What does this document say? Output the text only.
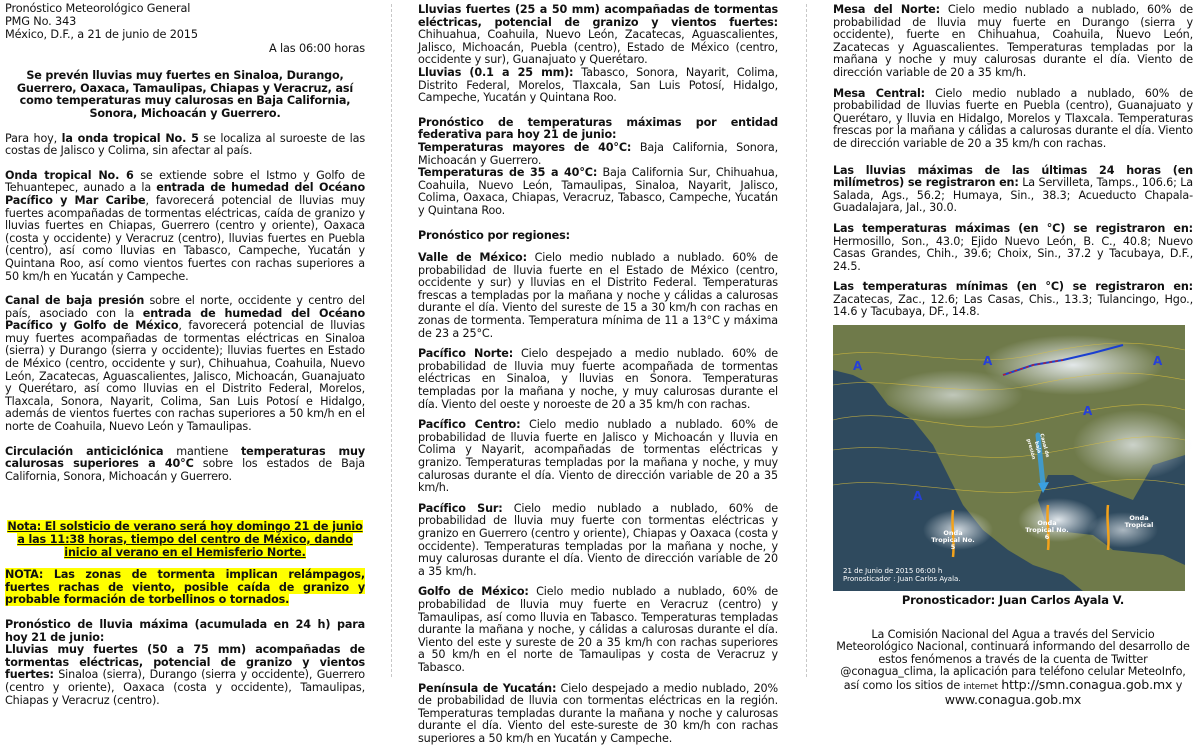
Pronóstico Meteorológico General

PMG No. 343

México, D.F., a 21 de junio de 2015

A las 06:00 horas

Se prevén lluvias muy fuertes en Sinaloa, Durango, Guerrero, Oaxaca, Tamaulipas, Chiapas y Veracruz, así como temperaturas muy calurosas en Baja California, Sonora, Michoacán y Guerrero.

Para hoy, la onda tropical No. 5 se localiza al suroeste de las costas de Jalisco y Colima, sin afectar al país.

Onda tropical No. 6 se extiende sobre el Istmo y Golfo de Tehuantepec, aunado a la entrada de humedad del Océano Pacífico y Mar Caribe, favorecerá potencial de lluvias muy fuertes acompañadas de tormentas eléctricas, caída de granizo y lluvias fuertes en Chiapas, Guerrero (centro y oriente), Oaxaca (costa y occidente) y Veracruz (centro), lluvias fuertes en Puebla (centro), así como lluvias en Tabasco, Campeche, Yucatán y Quintana Roo, así como vientos fuertes con rachas superiores a 50 km/h en Yucatán y Campeche.

Canal de baja presión sobre el norte, occidente y centro del país, asociado con la entrada de humedad del Océano Pacífico y Golfo de México, favorecerá potencial de lluvias muy fuertes acompañadas de tormentas eléctricas en Sinaloa (sierra) y Durango (sierra y occidente); lluvias fuertes en Estado de México (centro, occidente y sur), Chihuahua, Coahuila, Nuevo León, Zacatecas, Aguascalientes, Jalisco, Michoacán, Guanajuato y Querétaro, así como lluvias en el Distrito Federal, Morelos, Tlaxcala, Sonora, Nayarit, Colima, San Luis Potosí e Hidalgo, además de vientos fuertes con rachas superiores a 50 km/h en el norte de Coahuila, Nuevo León y Tamaulipas.

Circulación anticiclónica mantiene temperaturas muy calurosas superiores a 40°C sobre los estados de Baja California, Sonora, Michoacán y Guerrero.

Nota: El solsticio de verano será hoy domingo 21 de junio a las 11:38 horas, tiempo del centro de México, dando inicio al verano en el Hemisferio Norte.

NOTA: Las zonas de tormenta implican relámpagos, fuertes rachas de viento, posible caída de granizo y probable formación de torbellinos o tornados.

Pronóstico de lluvia máxima (acumulada en 24 h) para hoy 21 de junio:

Lluvias muy fuertes (50 a 75 mm) acompañadas de tormentas eléctricas, potencial de granizo y vientos fuertes: Sinaloa (sierra), Durango (sierra y occidente), Guerrero (centro y oriente), Oaxaca (costa y occidente), Tamaulipas, Chiapas y Veracruz (centro).

Lluvias fuertes (25 a 50 mm) acompañadas de tormentas eléctricas, potencial de granizo y vientos fuertes: Chihuahua, Coahuila, Nuevo León, Zacatecas, Aguascalientes, Jalisco, Michoacán, Puebla (centro), Estado de México (centro, occidente y sur), Guanajuato y Querétaro.

Lluvias (0.1 a 25 mm): Tabasco, Sonora, Nayarit, Colima, Distrito Federal, Morelos, Tlaxcala, San Luis Potosí, Hidalgo, Campeche, Yucatán y Quintana Roo.

Pronóstico de temperaturas máximas por entidad federativa para hoy 21 de junio:

Temperaturas mayores de 40°C: Baja California, Sonora, Michoacán y Guerrero.

Temperaturas de 35 a 40°C: Baja California Sur, Chihuahua, Coahuila, Nuevo León, Tamaulipas, Sinaloa, Nayarit, Jalisco, Colima, Oaxaca, Chiapas, Veracruz, Tabasco, Campeche, Yucatán y Quintana Roo.

Pronóstico por regiones:

Valle de México: Cielo medio nublado a nublado. 60% de probabilidad de lluvia fuerte en el Estado de México (centro, occidente y sur) y lluvias en el Distrito Federal. Temperaturas frescas a templadas por la mañana y noche y cálidas a calurosas durante el día. Viento del sureste de 15 a 30 km/h con rachas en zonas de tormenta. Temperatura mínima de 11 a 13°C y máxima de 23 a 25°C.

Pacífico Norte: Cielo despejado a medio nublado. 60% de probabilidad de lluvia muy fuerte acompañada de tormentas eléctricas en Sinaloa, y lluvias en Sonora. Temperaturas templadas por la mañana y noche, y muy calurosas durante el día. Viento del oeste y noroeste de 20 a 35 km/h con rachas.

Pacífico Centro: Cielo medio nublado a nublado. 60% de probabilidad de lluvia fuerte en Jalisco y Michoacán y lluvia en Colima y Nayarit, acompañadas de tormentas eléctricas y granizo. Temperaturas templadas por la mañana y noche, y muy calurosas durante el día. Viento de dirección variable de 20 a 35 km/h.

Pacífico Sur: Cielo medio nublado a nublado, 60% de probabilidad de lluvia muy fuerte con tormentas eléctricas y granizo en Guerrero (centro y oriente), Chiapas y Oaxaca (costa y occidente). Temperaturas templadas por la mañana y noche, y muy calurosas durante el día. Viento de dirección variable de 20 a 35 km/h.

Golfo de México: Cielo medio nublado a nublado, 60% de probabilidad de lluvia muy fuerte en Veracruz (centro) y Tamaulipas, así como lluvia en Tabasco. Temperaturas templadas durante la mañana y noche, y cálidas a calurosas durante el día. Viento del este y sureste de 20 a 35 km/h con rachas superiores a 50 km/h en el norte de Tamaulipas y costa de Veracruz y Tabasco.

Península de Yucatán: Cielo despejado a medio nublado, 20% de probabilidad de lluvia con tormentas eléctricas en la región. Temperaturas templadas durante la mañana y noche y calurosas durante el día. Viento del este-sureste de 30 km/h con rachas superiores a 50 km/h en Yucatán y Campeche.

Mesa del Norte: Cielo medio nublado a nublado, 60% de probabilidad de lluvia muy fuerte en Durango (sierra y occidente), fuerte en Chihuahua, Coahuila, Nuevo León, Zacatecas y Aguascalientes. Temperaturas templadas por la mañana y noche y muy calurosas durante el día. Viento de dirección variable de 20 a 35 km/h.

Mesa Central: Cielo medio nublado a nublado, 60% de probabilidad de lluvias fuerte en Puebla (centro), Guanajuato y Querétaro, y lluvia en Hidalgo, Morelos y Tlaxcala. Temperaturas frescas por la mañana y cálidas a calurosas durante el día. Viento de dirección variable de 20 a 35 km/h con rachas.

Las lluvias máximas de las últimas 24 horas (en milímetros) se registraron en: La Servilleta, Tamps., 106.6; La Salada, Ags., 56.2; Humaya, Sin., 38.3; Acueducto Chapala-Guadalajara, Jal., 30.0.

Las temperaturas máximas (en °C) se registraron en: Hermosillo, Son., 43.0; Ejido Nuevo León, B. C., 40.8; Nuevo Casas Grandes, Chih., 39.6; Choix, Sin., 37.2 y Tacubaya, D.F., 24.5.

Las temperaturas mínimas (en °C) se registraron en: Zacatecas, Zac., 12.6; Las Casas, Chis., 13.3; Tulancingo, Hgo., 14.6 y Tacubaya, DF., 14.8.

A	A	A
A
A
Onda Tropical No. 5
Onda Tropical No. 6
Onda Tropical
Canal de baja presión
21 de Junio de 2015 06:00 h
Pronosticador : Juan Carlos Ayala.

Pronosticador: Juan Carlos Ayala V.

La Comisión Nacional del Agua a través del Servicio Meteorológico Nacional, continuará informando del desarrollo de estos fenómenos a través de la cuenta de Twitter @conagua_clima, la aplicación para teléfono celular MeteoInfo, así como los sitios de internet http://smn.conagua.gob.mx y www.conagua.gob.mx
